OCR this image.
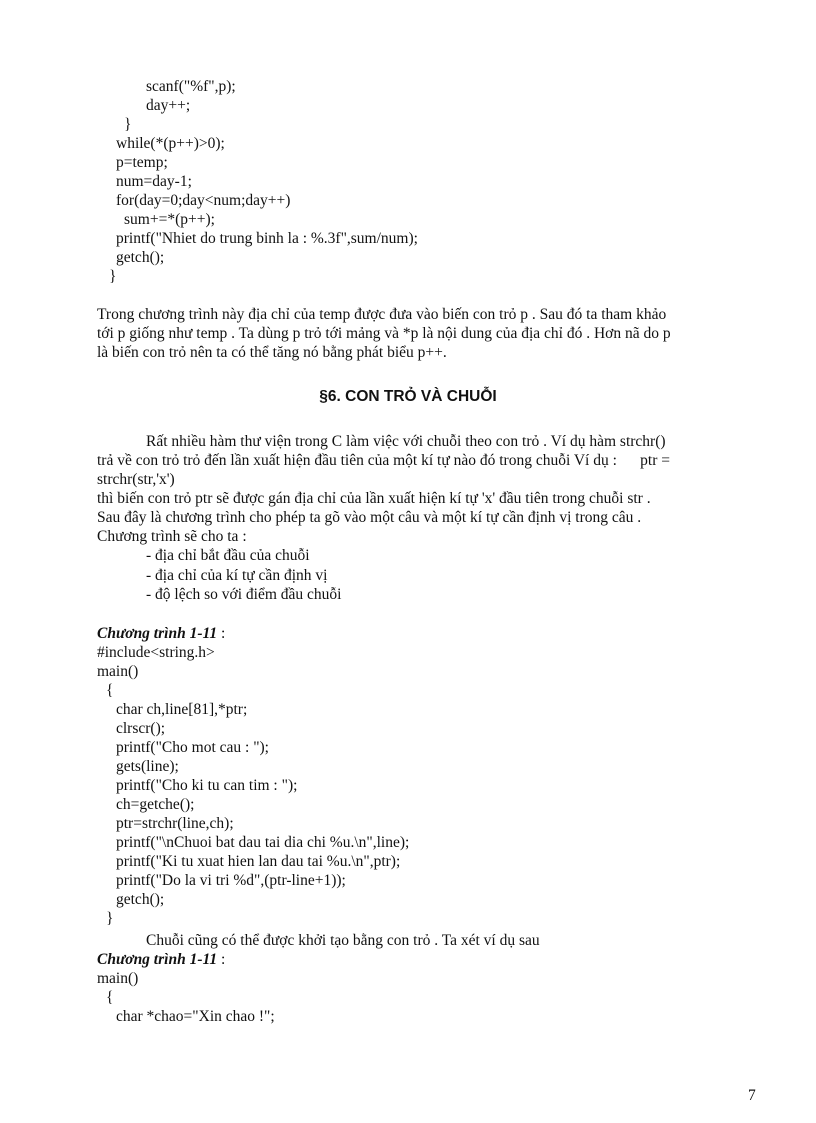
scanf("%f",p);
day++;
}
while(*(p++)>0);
p=temp;
num=day-1;
for(day=0;day<num;day++)
sum+=*(p++);
printf("Nhiet do trung binh la : %.3f",sum/num);
getch();
}
Trong chương trình này địa chỉ của temp được đưa vào biến con trỏ p . Sau đó ta tham khảo
tới p giống như temp . Ta dùng p trỏ tới mảng và *p là nội dung của địa chỉ đó . Hơn nã do p
là biến con trỏ nên ta có thể tăng nó bằng phát biểu p++.
§6. CON TRỎ VÀ CHUỖI
Rất nhiều hàm thư viện trong C làm việc với chuỗi theo con trỏ . Ví dụ hàm strchr()
trả về con trỏ trỏ đến lần xuất hiện đầu tiên của một kí tự nào đó trong chuỗi Ví dụ :      ptr =
strchr(str,'x')
thì biến con trỏ ptr sẽ được gán địa chỉ của lần xuất hiện kí tự 'x' đầu tiên trong chuỗi str .
Sau đây là chương trình cho phép ta gõ vào một câu và một kí tự cần định vị trong câu .
Chương trình sẽ cho ta :
- địa chỉ bắt đầu của chuỗi
- địa chỉ của kí tự cần định vị
- độ lệch so với điểm đầu chuỗi
Chương trình 1-11 :
#include<string.h>
main()
{
char ch,line[81],*ptr;
clrscr();
printf("Cho mot cau : ");
gets(line);
printf("Cho ki tu can tim : ");
ch=getche();
ptr=strchr(line,ch);
printf("\nChuoi bat dau tai dia chi %u.\n",line);
printf("Ki tu xuat hien lan dau tai %u.\n",ptr);
printf("Do la vi tri %d",(ptr-line+1));
getch();
}
Chuỗi cũng có thể được khởi tạo bằng con trỏ . Ta xét ví dụ sau
Chương trình 1-11 :
main()
{
char *chao="Xin chao !";
7
